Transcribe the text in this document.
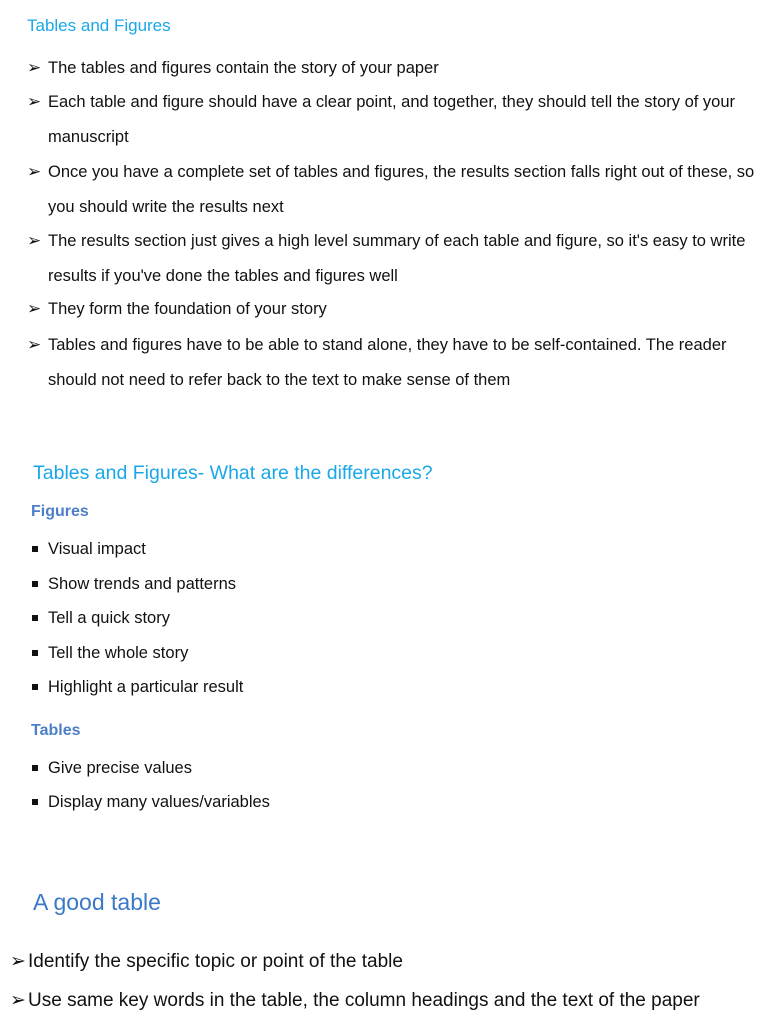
Tables and Figures
➢ The tables and figures contain the story of your paper
➢ Each table and figure should have a clear point, and together, they should tell the story of your manuscript
➢ Once you have a complete set of tables and figures, the results section falls right out of these, so you should write the results next
➢ The results section just gives a high level summary of each table and figure, so it's easy to write results if you've done the tables and figures well
➢ They form the foundation of your story
➢ Tables and figures have to be able to stand alone, they have to be self-contained. The reader should not need to refer back to the text to make sense of them
Tables and Figures- What are the differences?
Figures
Visual impact
Show trends and patterns
Tell a quick story
Tell the whole story
Highlight a particular result
Tables
Give precise values
Display many values/variables
A good table
➢ Identify the specific topic or point of the table
➢ Use same key words in the table, the column headings and the text of the paper
